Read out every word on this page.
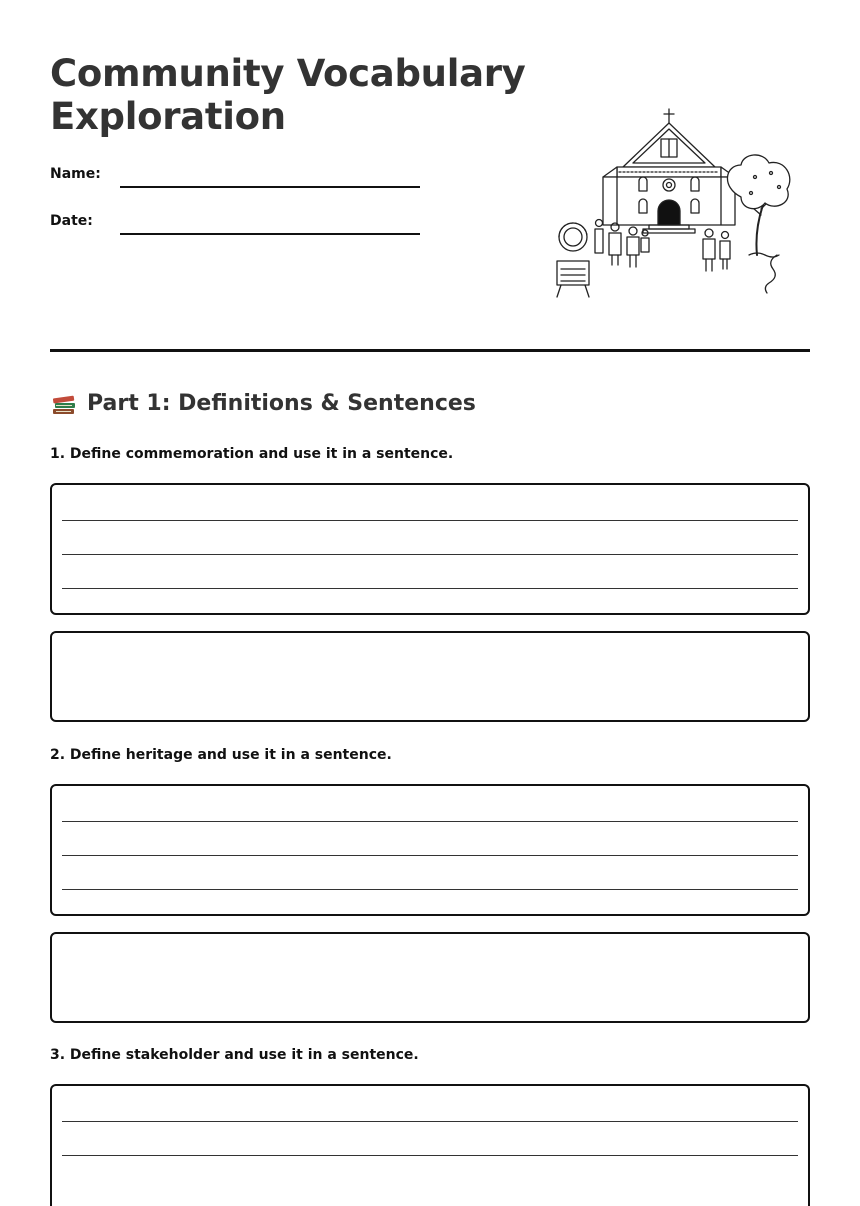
Community Vocabulary
Exploration
Name:
Date:
Part 1: Definitions & Sentences

1. Define commemoration and use it in a sentence.

2. Define heritage and use it in a sentence.

3. Define stakeholder and use it in a sentence.
